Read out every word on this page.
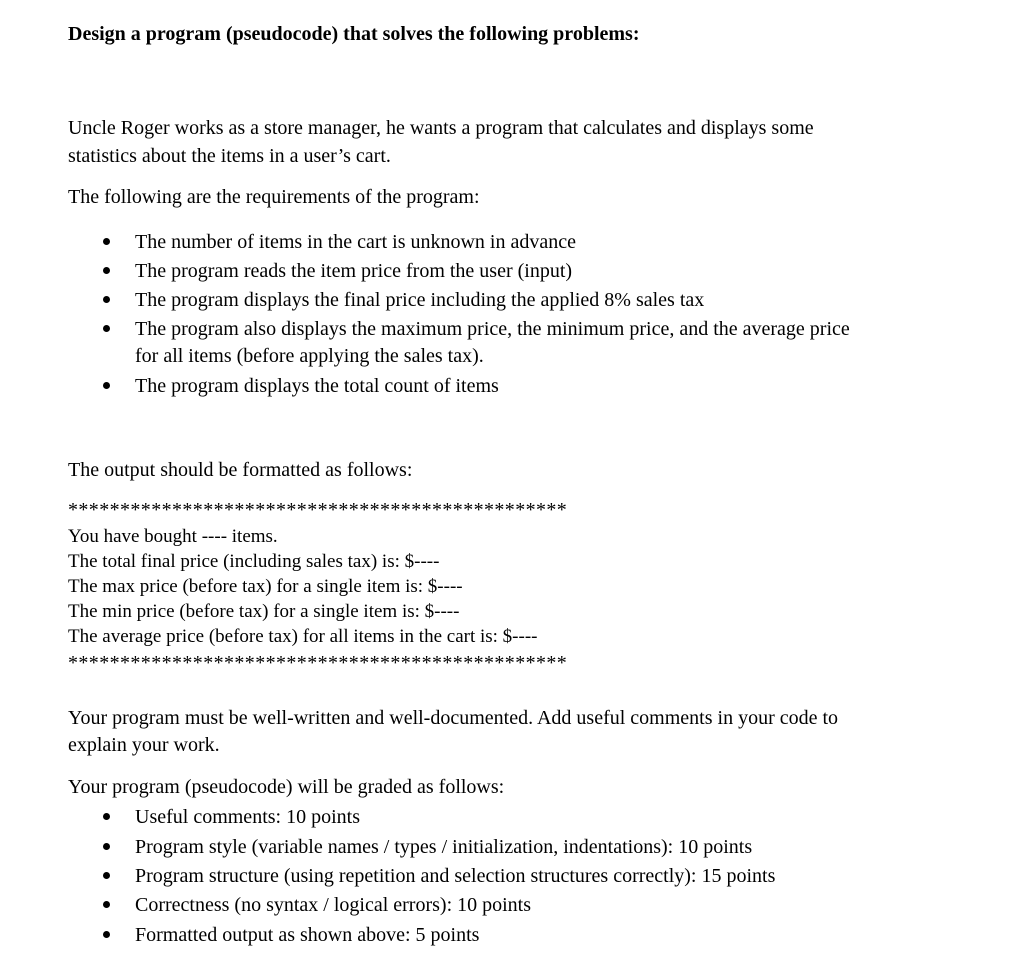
Design a program (pseudocode) that solves the following problems:
Uncle Roger works as a store manager, he wants a program that calculates and displays some
statistics about the items in a user’s cart.
The following are the requirements of the program:
The number of items in the cart is unknown in advance
The program reads the item price from the user (input)
The program displays the final price including the applied 8% sales tax
The program also displays the maximum price, the minimum price, and the average price
for all items (before applying the sales tax).
The program displays the total count of items
The output should be formatted as follows:
************************************************
You have bought ---- items.
The total final price (including sales tax) is: $----
The max price (before tax) for a single item is: $----
The min price (before tax) for a single item is: $----
The average price (before tax) for all items in the cart is: $----
************************************************
Your program must be well-written and well-documented. Add useful comments in your code to
explain your work.
Your program (pseudocode) will be graded as follows:
Useful comments: 10 points
Program style (variable names / types / initialization, indentations): 10 points
Program structure (using repetition and selection structures correctly): 15 points
Correctness (no syntax / logical errors): 10 points
Formatted output as shown above: 5 points
